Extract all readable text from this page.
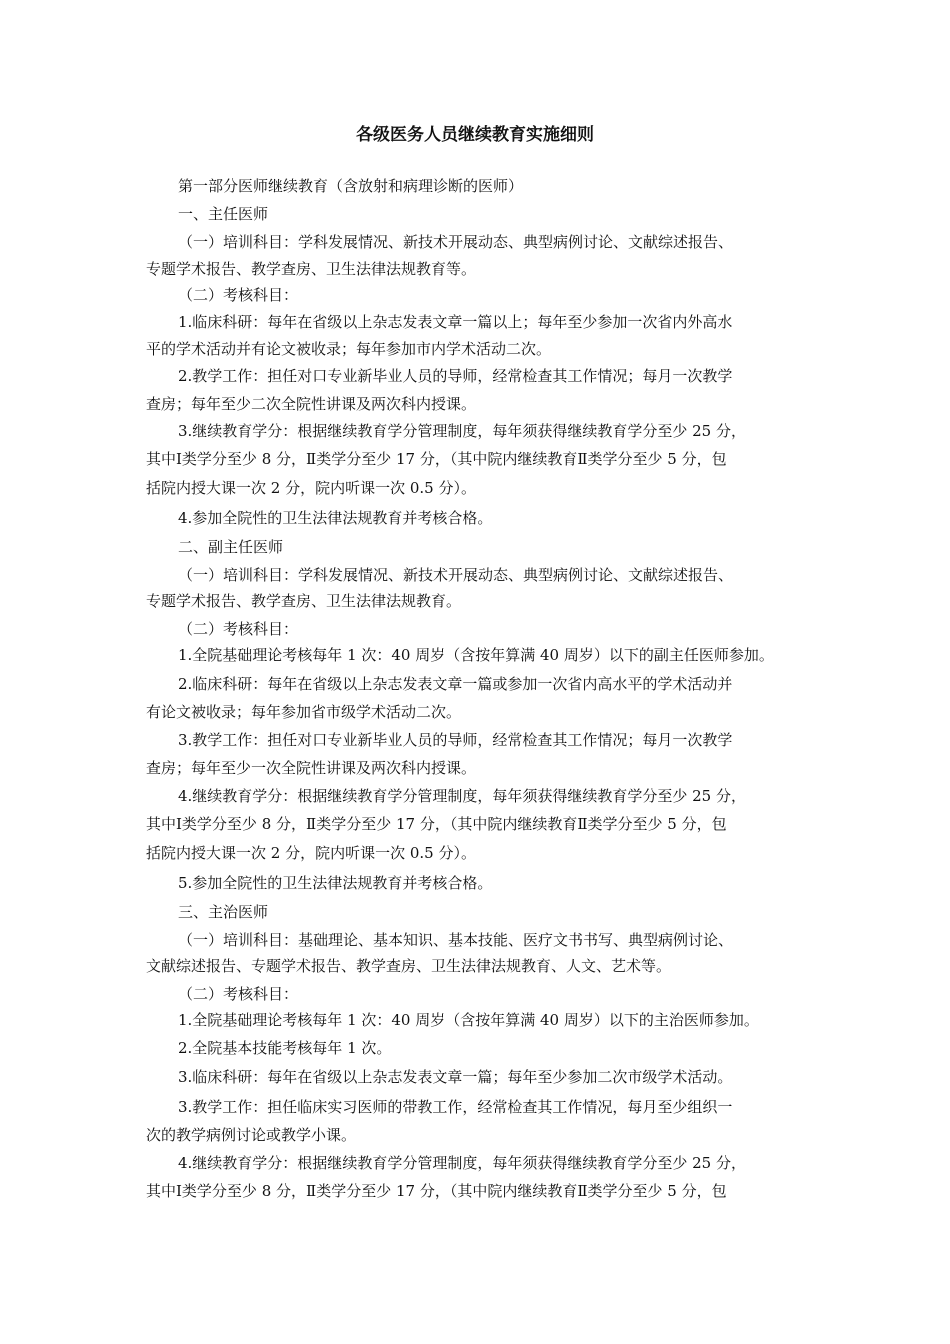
各级医务人员继续教育实施细则
第一部分医师继续教育（含放射和病理诊断的医师）
一、主任医师
（一）培训科目：学科发展情况、新技术开展动态、典型病例讨论、文献综述报告、
专题学术报告、教学查房、卫生法律法规教育等。
（二）考核科目：
1.临床科研：每年在省级以上杂志发表文章一篇以上；每年至少参加一次省内外高水
平的学术活动并有论文被收录；每年参加市内学术活动二次。
2.教学工作：担任对口专业新毕业人员的导师，经常检查其工作情况；每月一次教学
查房；每年至少二次全院性讲课及两次科内授课。
3.继续教育学分：根据继续教育学分管理制度，每年须获得继续教育学分至少 25 分，
其中Ⅰ类学分至少 8 分，Ⅱ类学分至少 17 分，（其中院内继续教育Ⅱ类学分至少 5 分，包
括院内授大课一次 2 分，院内听课一次 0.5 分）。
4.参加全院性的卫生法律法规教育并考核合格。
二、副主任医师
（一）培训科目：学科发展情况、新技术开展动态、典型病例讨论、文献综述报告、
专题学术报告、教学查房、卫生法律法规教育。
（二）考核科目：
1.全院基础理论考核每年 1 次：40 周岁（含按年算满 40 周岁）以下的副主任医师参加。
2.临床科研：每年在省级以上杂志发表文章一篇或参加一次省内高水平的学术活动并
有论文被收录；每年参加省市级学术活动二次。
3.教学工作：担任对口专业新毕业人员的导师，经常检查其工作情况；每月一次教学
查房；每年至少一次全院性讲课及两次科内授课。
4.继续教育学分：根据继续教育学分管理制度，每年须获得继续教育学分至少 25 分，
其中Ⅰ类学分至少 8 分，Ⅱ类学分至少 17 分，（其中院内继续教育Ⅱ类学分至少 5 分，包
括院内授大课一次 2 分，院内听课一次 0.5 分）。
5.参加全院性的卫生法律法规教育并考核合格。
三、主治医师
（一）培训科目：基础理论、基本知识、基本技能、医疗文书书写、典型病例讨论、
文献综述报告、专题学术报告、教学查房、卫生法律法规教育、人文、艺术等。
（二）考核科目：
1.全院基础理论考核每年 1 次：40 周岁（含按年算满 40 周岁）以下的主治医师参加。
2.全院基本技能考核每年 1 次。
3.临床科研：每年在省级以上杂志发表文章一篇；每年至少参加二次市级学术活动。
3.教学工作：担任临床实习医师的带教工作，经常检查其工作情况，每月至少组织一
次的教学病例讨论或教学小课。
4.继续教育学分：根据继续教育学分管理制度，每年须获得继续教育学分至少 25 分，
其中Ⅰ类学分至少 8 分，Ⅱ类学分至少 17 分，（其中院内继续教育Ⅱ类学分至少 5 分，包
